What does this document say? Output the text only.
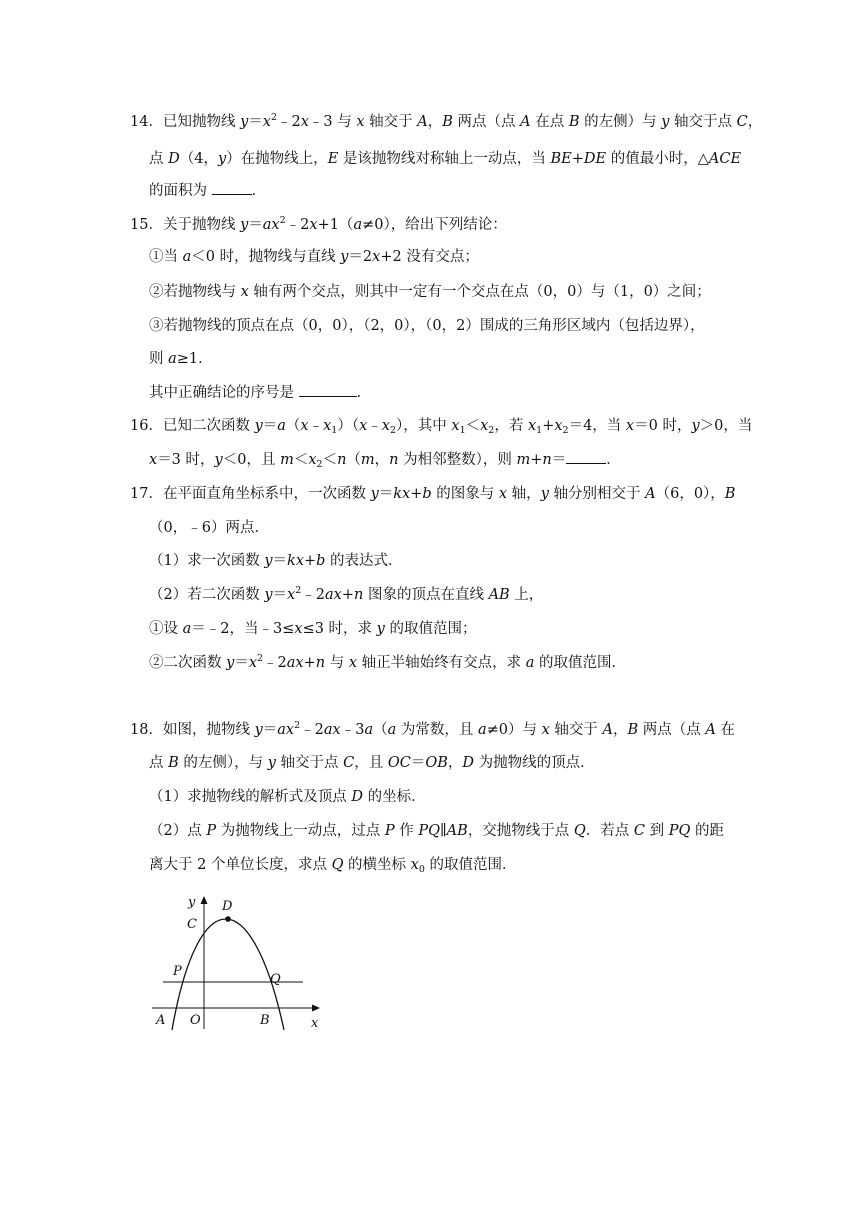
14．已知抛物线 $y=x^2﹣2x﹣3$ 与 x 轴交于 A，B 两点（点 A 在点 B 的左侧）与 y 轴交于点 C，
点 D（4，y）在抛物线上，E 是该抛物线对称轴上一动点，当 BE+DE 的值最小时，△ACE
的面积为	．
15．关于抛物线 $y=ax^2﹣2x+1(a\ne 0)$，给出下列结论：
①当 a＜0 时，抛物线与直线 y＝2x+2 没有交点；
②若抛物线与 x 轴有两个交点，则其中一定有一个交点在点（0，0）与（1，0）之间；
③若抛物线的顶点在点（0，0），（2，0），（0，2）围成的三角形区域内（包括边界），
则 a≥1．
其中正确结论的序号是	．
16．已知二次函数 $y=a(x﹣x_1)(x﹣x_2)$，其中 $x_1<x_2$，若 $x_1+x_2=4$，当 x＝0 时，y＞0，当
x＝3 时，y＜0，且 $m<x_2<n(m$，n 为相邻整数），则 m+n＝	．
17．在平面直角坐标系中，一次函数 y＝kx+b 的图象与 x 轴，y 轴分别相交于 A（6，0），B
（0，﹣6）两点．
（1）求一次函数 y＝kx+b 的表达式．
（2）若二次函数 $y=x^2﹣2ax+n$ 图象的顶点在直线 AB 上，
①设 a＝﹣2，当﹣3≤x≤3 时，求 y 的取值范围；
②二次函数 $y=x^2﹣2ax+n$ 与 x 轴正半轴始终有交点，求 a 的取值范围．
18．如图，抛物线 $y=ax^2﹣2ax﹣3a(a$ 为常数，且 a≠0）与 x 轴交于 A，B 两点（点 A 在
点 B 的左侧），与 y 轴交于点 C，且 OC＝OB，D 为抛物线的顶点．
（1）求抛物线的解析式及顶点 D 的坐标．
（2）点 P 为抛物线上一动点，过点 P 作 PQ∥AB，交抛物线于点 Q．若点 C 到 PQ 的距
离大于 2 个单位长度，求点 Q 的横坐标 $x_0$ 的取值范围．
y D
C
P
Q
A O	B	x
